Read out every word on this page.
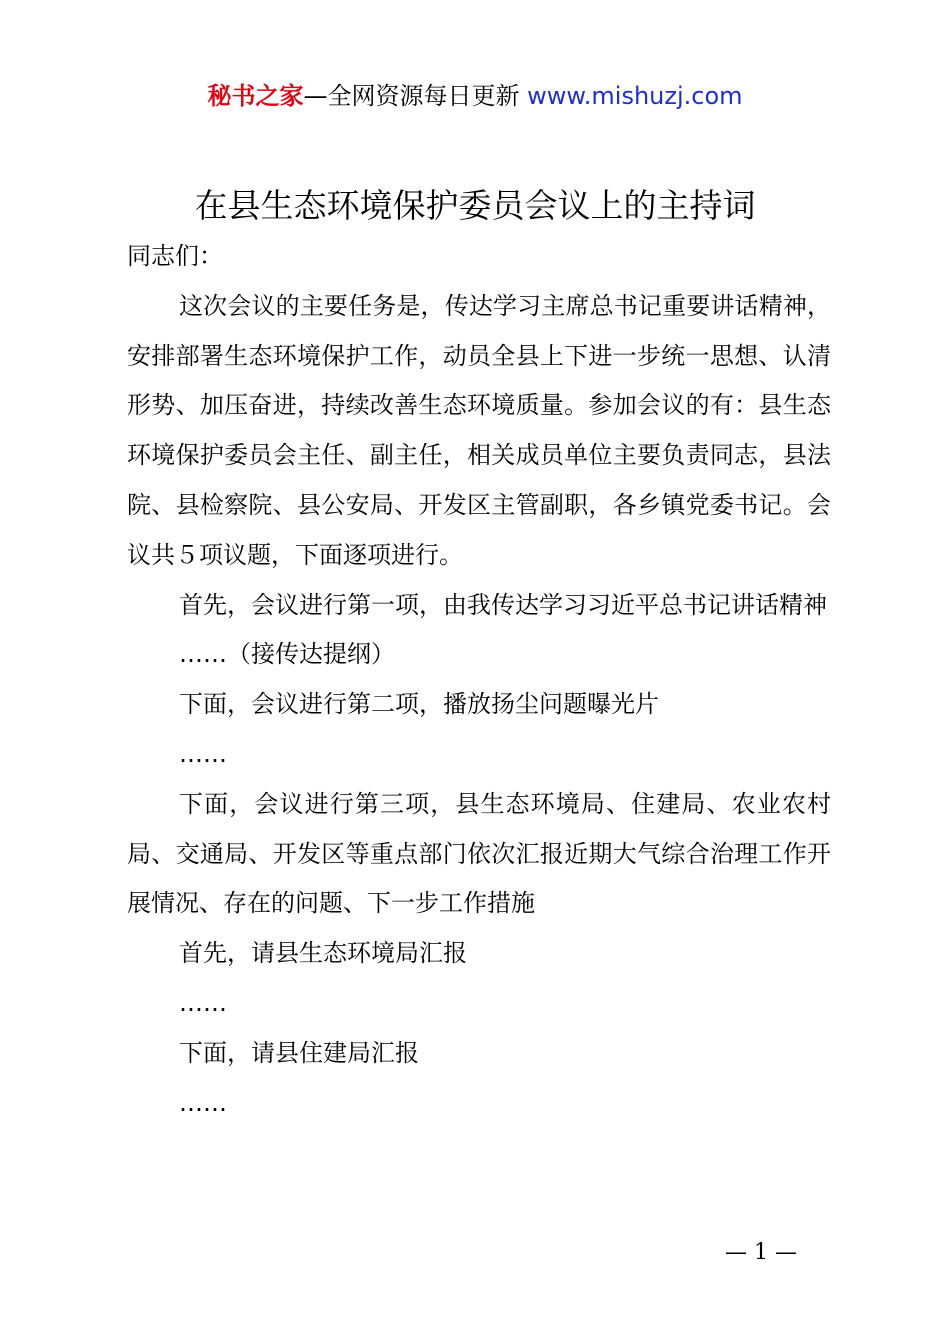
秘书之家—全网资源每日更新 www.mishuzj.com
在县生态环境保护委员会议上的主持词

同志们：

这次会议的主要任务是，传达学习主席总书记重要讲话精神，安排部署生态环境保护工作，动员全县上下进一步统一思想、认清形势、加压奋进，持续改善生态环境质量。参加会议的有：县生态环境保护委员会主任、副主任，相关成员单位主要负责同志，县法院、县检察院、县公安局、开发区主管副职，各乡镇党委书记。会议共５项议题，下面逐项进行。

首先，会议进行第一项，由我传达学习习近平总书记讲话精神

……（接传达提纲）

下面，会议进行第二项，播放扬尘问题曝光片

……

下面，会议进行第三项，县生态环境局、住建局、农业农村局、交通局、开发区等重点部门依次汇报近期大气综合治理工作开展情况、存在的问题、下一步工作措施

首先，请县生态环境局汇报

……

下面，请县住建局汇报

……

— 1 —
